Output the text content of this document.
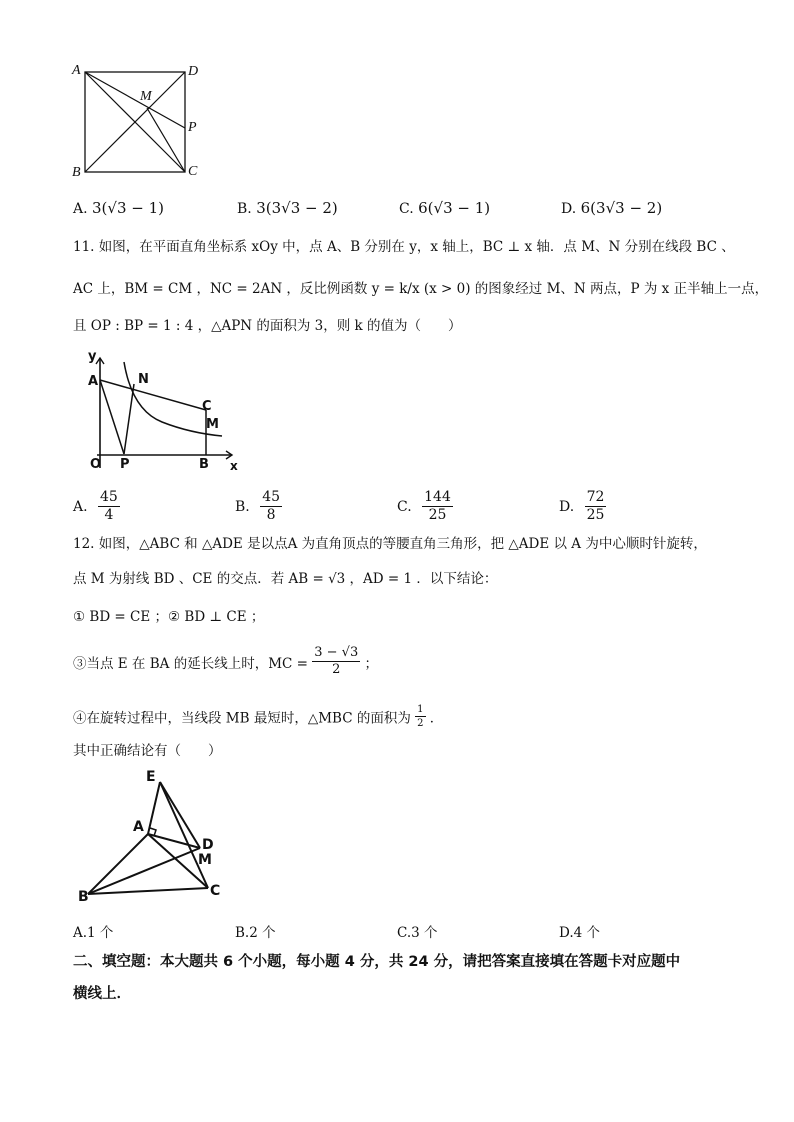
A	D
M
P
B	C
A. 3(√3 − 1)	B. 3(3√3 − 2)	C. 6(√3 − 1)	D. 6(3√3 − 2)
11. 如图，在平面直角坐标系 xOy 中，点 A、B 分别在 y，x 轴上，BC ⊥ x 轴．点 M、N 分别在线段 BC 、
AC 上，BM = CM ，NC = 2AN ，反比例函数 y = k/x (x > 0) 的图象经过 M、N 两点，P 为 x 正半轴上一点，
且 OP : BP = 1 : 4 ，△APN 的面积为 3，则 k 的值为（　　）
y
A	N
C
M
O P	B x
A. $\frac{45}{4}$	B. $\frac{45}{8}$	C. $\frac{144}{25}$	D. $\frac{72}{25}$
12. 如图，△ABC 和 △ADE 是以点A 为直角顶点的等腰直角三角形，把 △ADE 以 A 为中心顺时针旋转，
点 M 为射线 BD 、CE 的交点．若 AB = √3 ，AD = 1 ．以下结论：
① BD = CE ；② BD ⊥ CE ；
③当点 E 在 BA 的延长线上时，MC = $\frac{3 - √3}{2}$ ；
④在旋转过程中，当线段 MB 最短时，△MBC 的面积为 $\frac{1}{2}$ ．
其中正确结论有（　　）
E
A
D
M
B	C
A.1 个	B.2 个	C.3 个	D.4 个
二、填空题：本大题共 6 个小题，每小题 4 分，共 24 分，请把答案直接填在答题卡对应题中
横线上．
